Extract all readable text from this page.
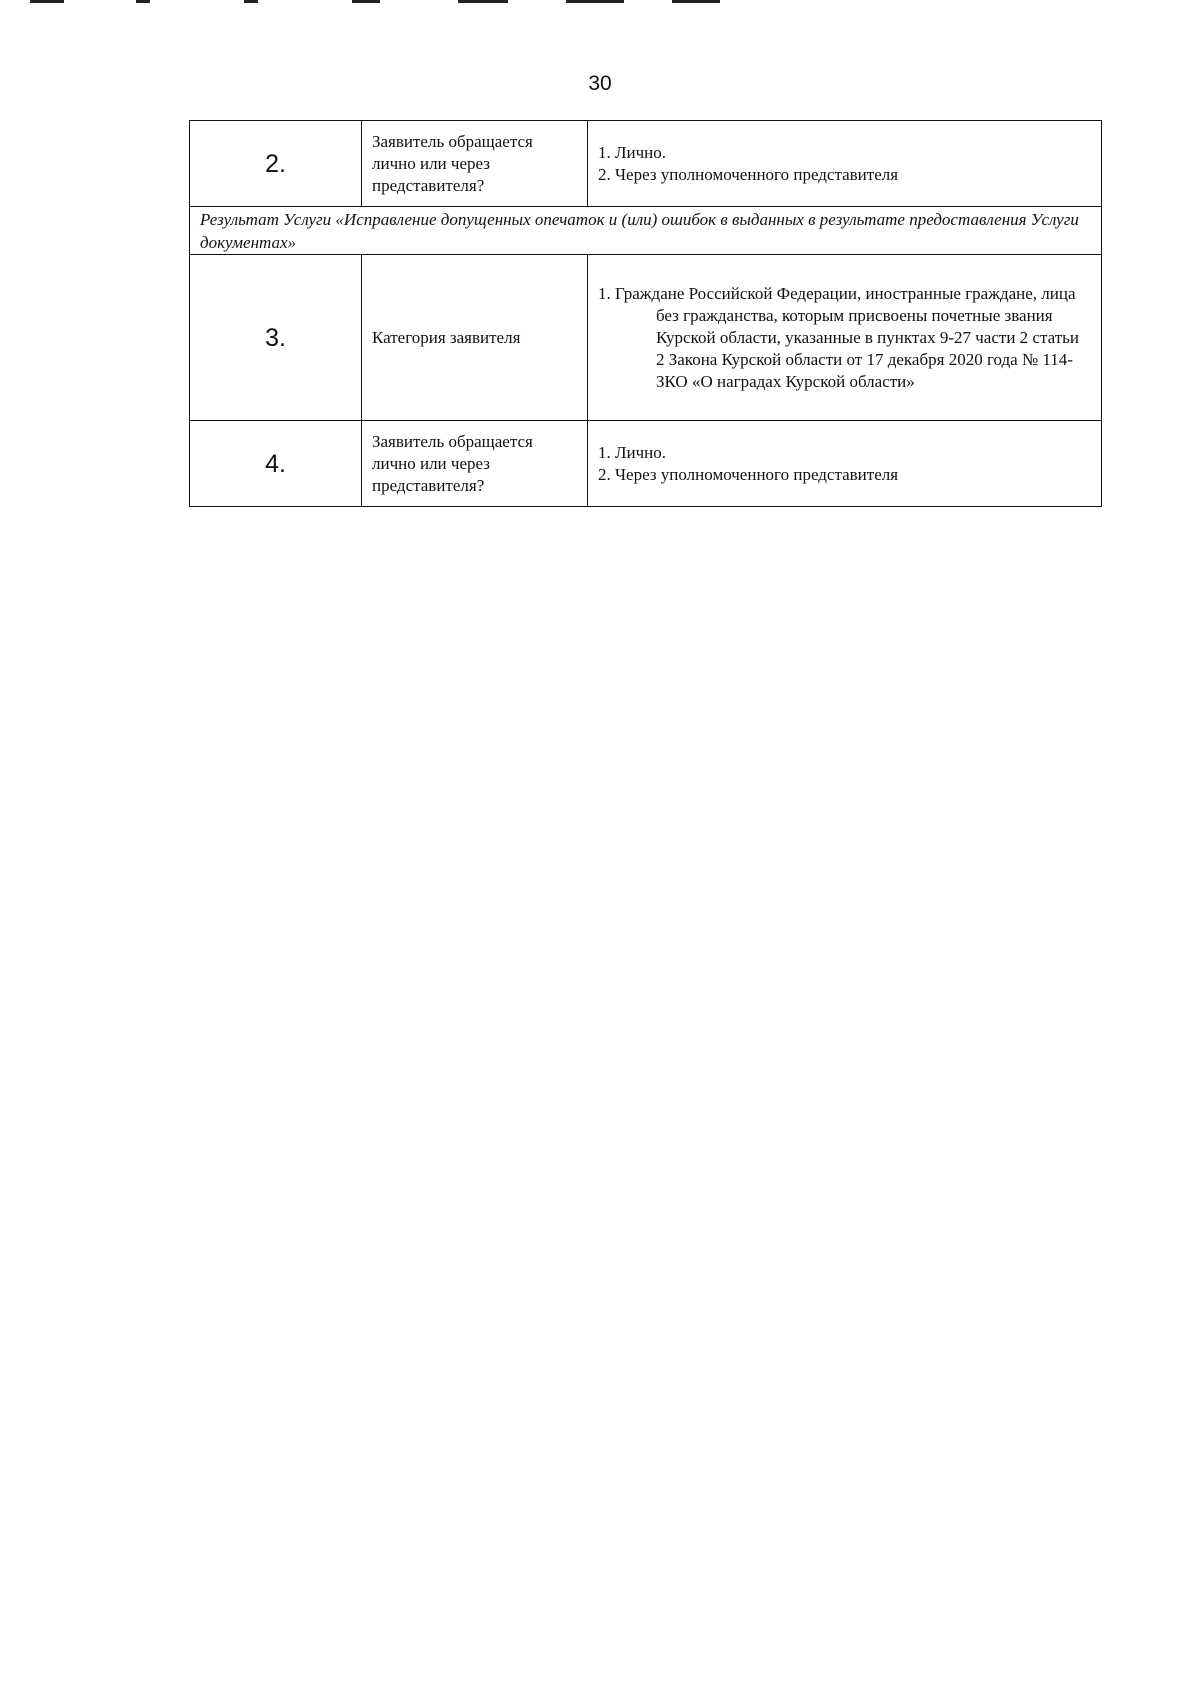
30
2.	Заявитель обращается лично или через представителя?	1. Лично.
2. Через уполномоченного представителя

Результат Услуги «Исправление допущенных опечаток и (или) ошибок в выданных в результате предоставления Услуги документах»		
3.	Категория заявителя	1. Граждане Российской Федерации, иностранные граждане, лица без гражданства, которым присвоены почетные звания Курской области, указанные в пунктах 9-27 части 2 статьи 2 Закона Курской области от 17 декабря 2020 года № 114-ЗКО «О наградах Курской области»

4.	Заявитель обращается лично или через представителя?	1. Лично.
2. Через уполномоченного представителя
